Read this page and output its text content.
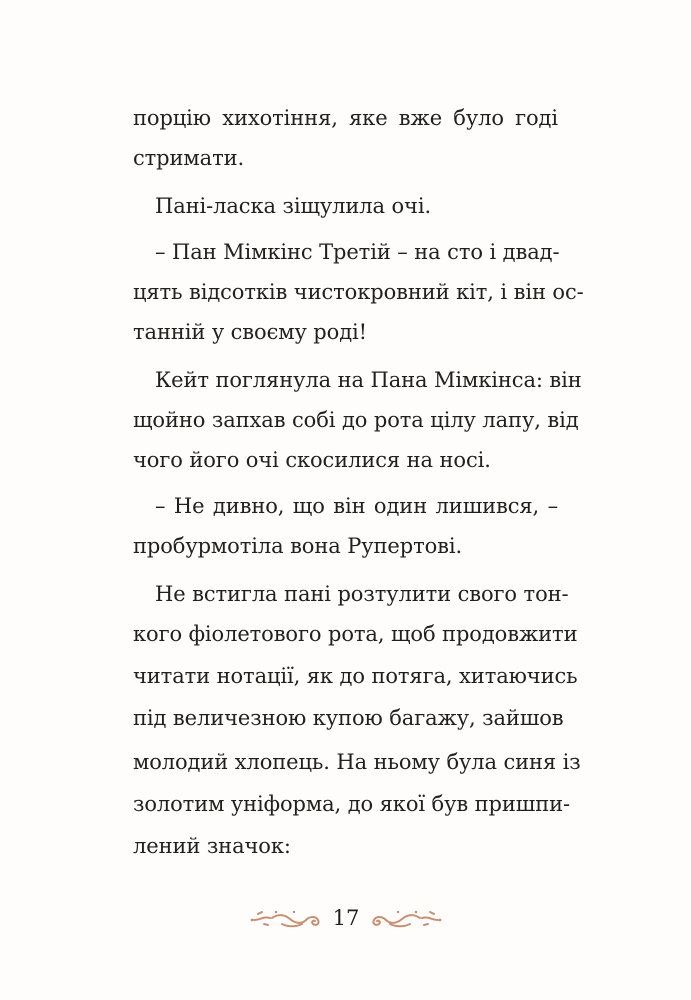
порцію хихотіння, яке вже було годі
стримати.
Пані-ласка зіщулила очі.
– Пан Мімкінс Третій – на сто і двад-
цять відсотків чистокровний кіт, і він ос-
танній у своєму роді!
Кейт поглянула на Пана Мімкінса: він
щойно запхав собі до рота цілу лапу, від
чого його очі скосилися на носі.
– Не дивно, що він один лишився, –
пробурмотіла вона Рупертові.
Не встигла пані розтулити свого тон-
кого фіолетового рота, щоб продовжити
читати нотації, як до потяга, хитаючись
під величезною купою багажу, зайшов
молодий хлопець. На ньому була синя із
золотим уніформа, до якої був пришпи-
лений значок:
17
